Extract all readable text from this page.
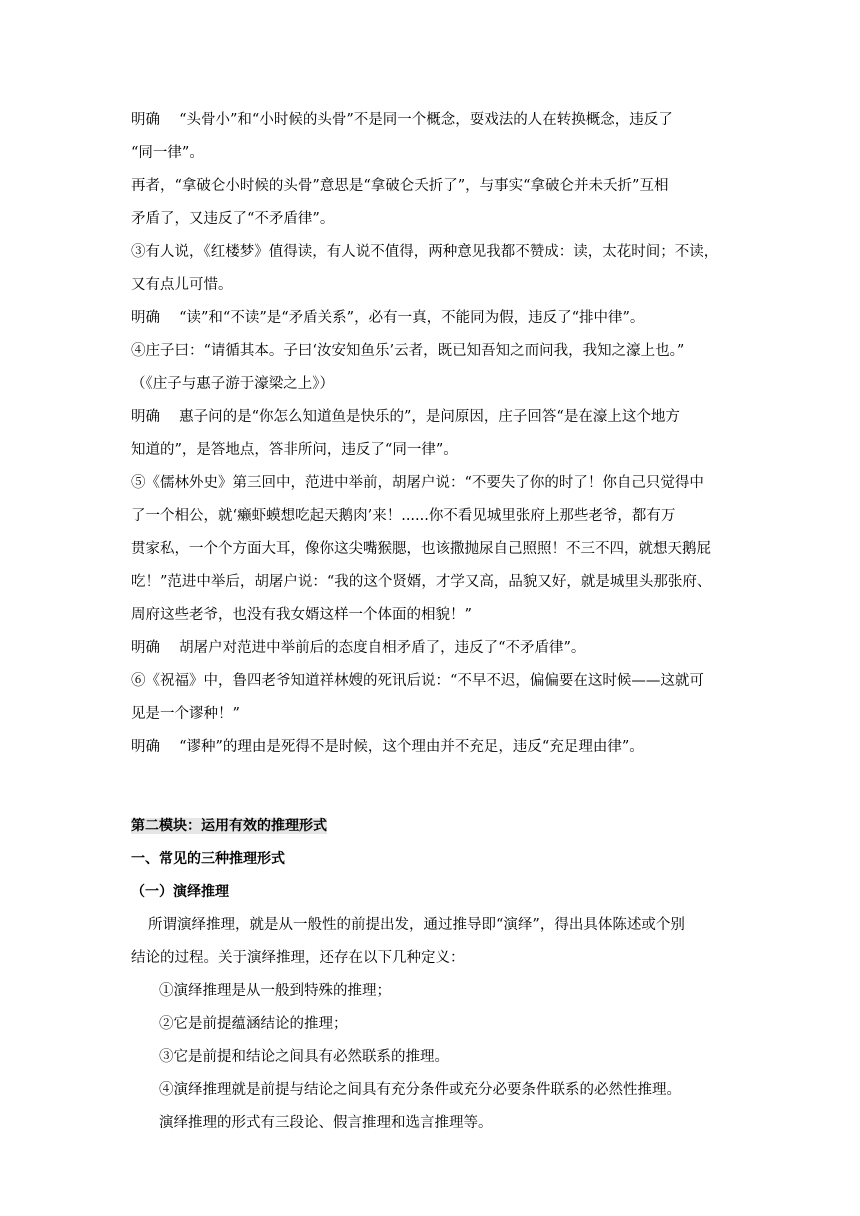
明确　 “头骨小”和“小时候的头骨”不是同一个概念，耍戏法的人在转换概念，违反了
“同一律”。
再者，“拿破仑小时候的头骨”意思是“拿破仑夭折了”，与事实“拿破仑并未夭折”互相
矛盾了，又违反了“不矛盾律”。
③有人说，《红楼梦》值得读，有人说不值得，两种意见我都不赞成：读，太花时间；不读，
又有点儿可惜。
明确　 “读”和“不读”是“矛盾关系”，必有一真，不能同为假，违反了“排中律”。
④庄子曰：“请循其本。子曰‘汝安知鱼乐’云者，既已知吾知之而问我，我知之濠上也。”
（《庄子与惠子游于濠梁之上》）
明确　 惠子问的是“你怎么知道鱼是快乐的”，是问原因，庄子回答“是在濠上这个地方
知道的”，是答地点，答非所问，违反了“同一律”。
⑤《儒林外史》第三回中，范进中举前，胡屠户说：“不要失了你的时了！你自己只觉得中
了一个相公，就‘癞虾蟆想吃起天鹅肉’来！......你不看见城里张府上那些老爷，都有万
贯家私，一个个方面大耳，像你这尖嘴猴腮，也该撒抛尿自己照照！不三不四，就想天鹅屁
吃！”范进中举后，胡屠户说：“我的这个贤婿，才学又高，品貌又好，就是城里头那张府、
周府这些老爷，也没有我女婿这样一个体面的相貌！”
明确　 胡屠户对范进中举前后的态度自相矛盾了，违反了“不矛盾律”。
⑥《祝福》中，鲁四老爷知道祥林嫂的死讯后说：“不早不迟，偏偏要在这时候——这就可
见是一个谬种！”
明确　 “谬种”的理由是死得不是时候，这个理由并不充足，违反“充足理由律”。
第二模块：运用有效的推理形式
一、常见的三种推理形式
（一）演绎推理
所谓演绎推理，就是从一般性的前提出发，通过推导即“演绎”，得出具体陈述或个别
结论的过程。关于演绎推理，还存在以下几种定义：
①演绎推理是从一般到特殊的推理；
②它是前提蕴涵结论的推理；
③它是前提和结论之间具有必然联系的推理。
④演绎推理就是前提与结论之间具有充分条件或充分必要条件联系的必然性推理。
演绎推理的形式有三段论、假言推理和选言推理等。
